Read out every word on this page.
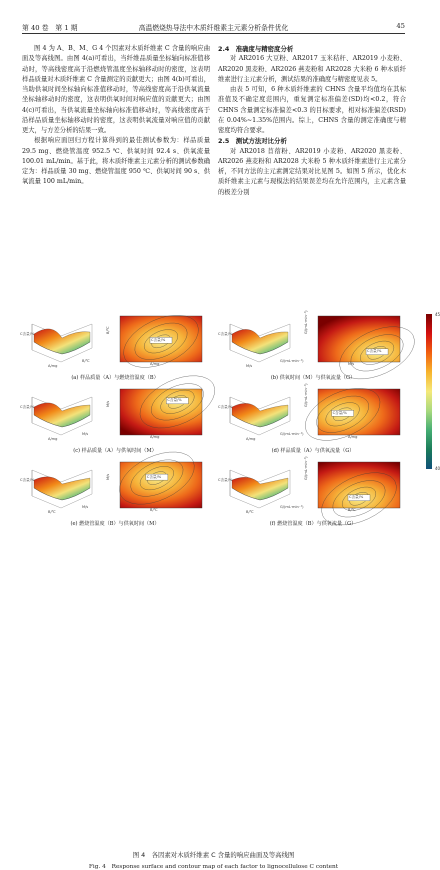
第 40 卷　第 1 期	高温燃烧热导法中木质纤维素主元素分析条件优化	45

图 4 为 A、B、M、G 4 个因素对木质纤维素 C 含量的响应曲面及等高线图。由图 4(a)可看出，当纤维品质量坐标轴向标准值移动时，等高线密度高于沿燃烧管温度坐标轴移动时的密度，这表明样品质量对木质纤维素 C 含量测定的贡献更大；由图 4(b)可看出，当助供氧时间坐标轴向标准值移动时，等高线密度高于沿供氧流量坐标轴移动时的密度，这表明供氧时间对响应值的贡献更大；由图 4(c)可看出，当供氧流量坐标轴向标准值移动时，等高线密度高于沿样品质量坐标轴移动时的密度，这表明供氧流量对响应值的贡献更大，与方差分析的结果一致。

根据响应面回归方程计算得到的最佳测试参数为：样品质量 29.5 mg、燃烧管温度 952.5 ℃、供氧时间 92.4 s、供氧流量 100.01 mL/min。基于此，将木质纤维素主元素分析的测试参数确定为：样品质量 30 mg、燃烧管温度 950 ℃、供氧时间 90 s、供氧流量 100 mL/min。

2.4　准确度与精密度分析

对 AR2016 大豆粉、AR2017 玉米秸秆、AR2019 小麦粉、AR2020 黑麦粉、AR2026 燕麦粉和 AR2028 大米粉 6 种木质纤维素进行主元素分析，测试结果的准确度与精密度见表 5。

由表 5 可知，6 种木质纤维素的 CHNS 含量平均值均在其标准值及不确定度范围内，重复测定标准偏差(SD)均<0.2，符合 CHNS 含量测定标准偏差<0.3 的目标要求，相对标准偏差(RSD)在 0.04%~1.35%范围内。综上，CHNS 含量的测定准确度与精密度均符合要求。

2.5　测试方法对比分析

对 AR2018 苜蓿粉、AR2019 小麦粉、AR2020 黑麦粉、AR2026 燕麦粉和 AR2028 大米粉 5 种木质纤维素进行主元素分析，不同方法的主元素测定结果对比见图 5。如图 5 所示，优化木质纤维素主元素与现模法的结果误差均在允许范围内，主元素含量的极差分别

A/mg
B/℃
C含量/%
C含量/%
A/mg
B/℃
(a) 样品质量（A）与燃烧管温度（B）
M/s
G/(mL·min⁻¹)
C含量/%
C含量/%
M/s
G/(mL·min⁻¹)
(b) 供氧时间（M）与供氧流量（G）
A/mg
M/s
C含量/%
C含量/%
A/mg
M/s
(c) 样品质量（A）与供氧时间（M）
A/mg
G/(mL·min⁻¹)
C含量/%
C含量/%
A/mg
G/(mL·min⁻¹)
(d) 样品质量（A）与供氧流量（G）
B/℃
M/s
C含量/%
C含量/%
B/℃
M/s
(e) 燃烧管温度（B）与供氧时间（M）
B/℃
G/(mL·min⁻¹)
C含量/%
C含量/%
B/℃
G/(mL·min⁻¹)
(f) 燃烧管温度（B）与供氧流量（G）
45
40
图 4　各因素对木质纤维素 C 含量的响应曲面及等高线图
Fig. 4　Response surface and contour map of each factor to lignocellulose C content
